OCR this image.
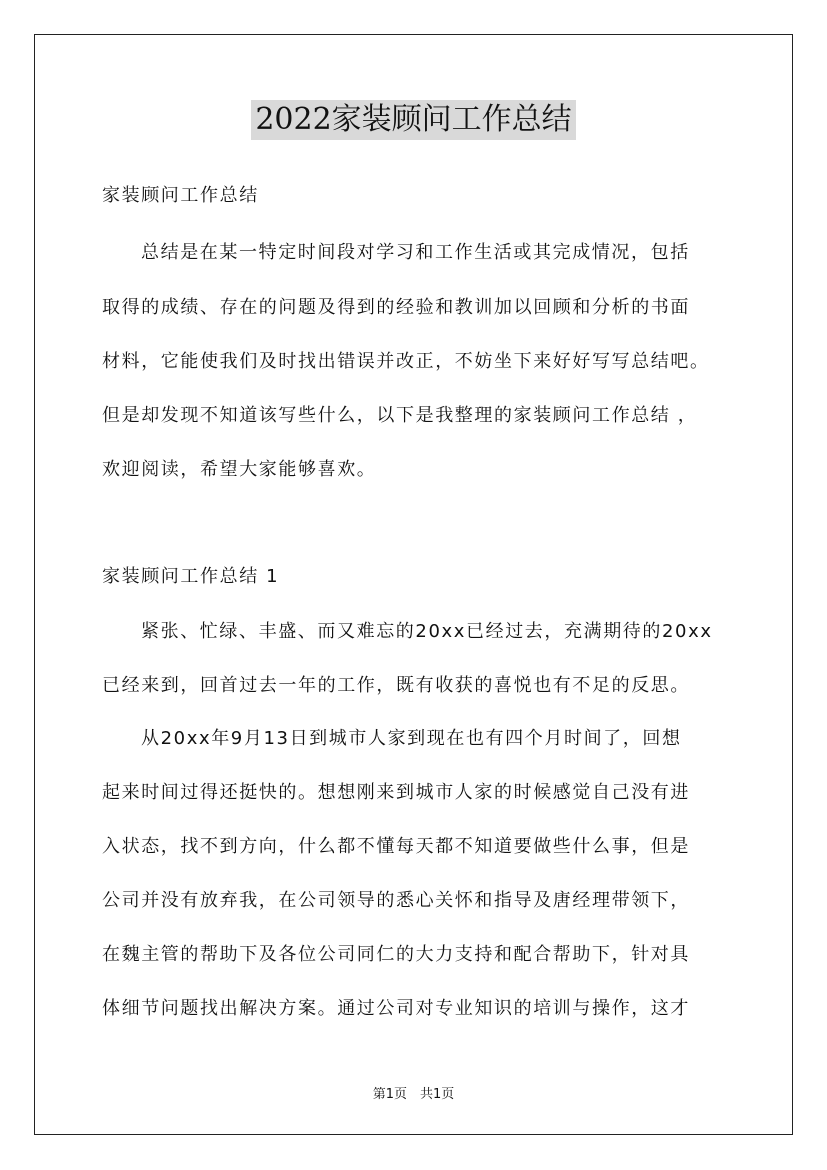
2022家装顾问工作总结
家装顾问工作总结
总结是在某一特定时间段对学习和工作生活或其完成情况，包括
取得的成绩、存在的问题及得到的经验和教训加以回顾和分析的书面
材料，它能使我们及时找出错误并改正，不妨坐下来好好写写总结吧。
但是却发现不知道该写些什么，以下是我整理的家装顾问工作总结 ，
欢迎阅读，希望大家能够喜欢。
家装顾问工作总结 1
紧张、忙绿、丰盛、而又难忘的20xx已经过去，充满期待的20xx
已经来到，回首过去一年的工作，既有收获的喜悦也有不足的反思。
从20xx年9月13日到城市人家到现在也有四个月时间了，回想
起来时间过得还挺快的。想想刚来到城市人家的时候感觉自己没有进
入状态，找不到方向，什么都不懂每天都不知道要做些什么事，但是
公司并没有放弃我，在公司领导的悉心关怀和指导及唐经理带领下，
在魏主管的帮助下及各位公司同仁的大力支持和配合帮助下，针对具
体细节问题找出解决方案。通过公司对专业知识的培训与操作，这才
第1页　共1页
